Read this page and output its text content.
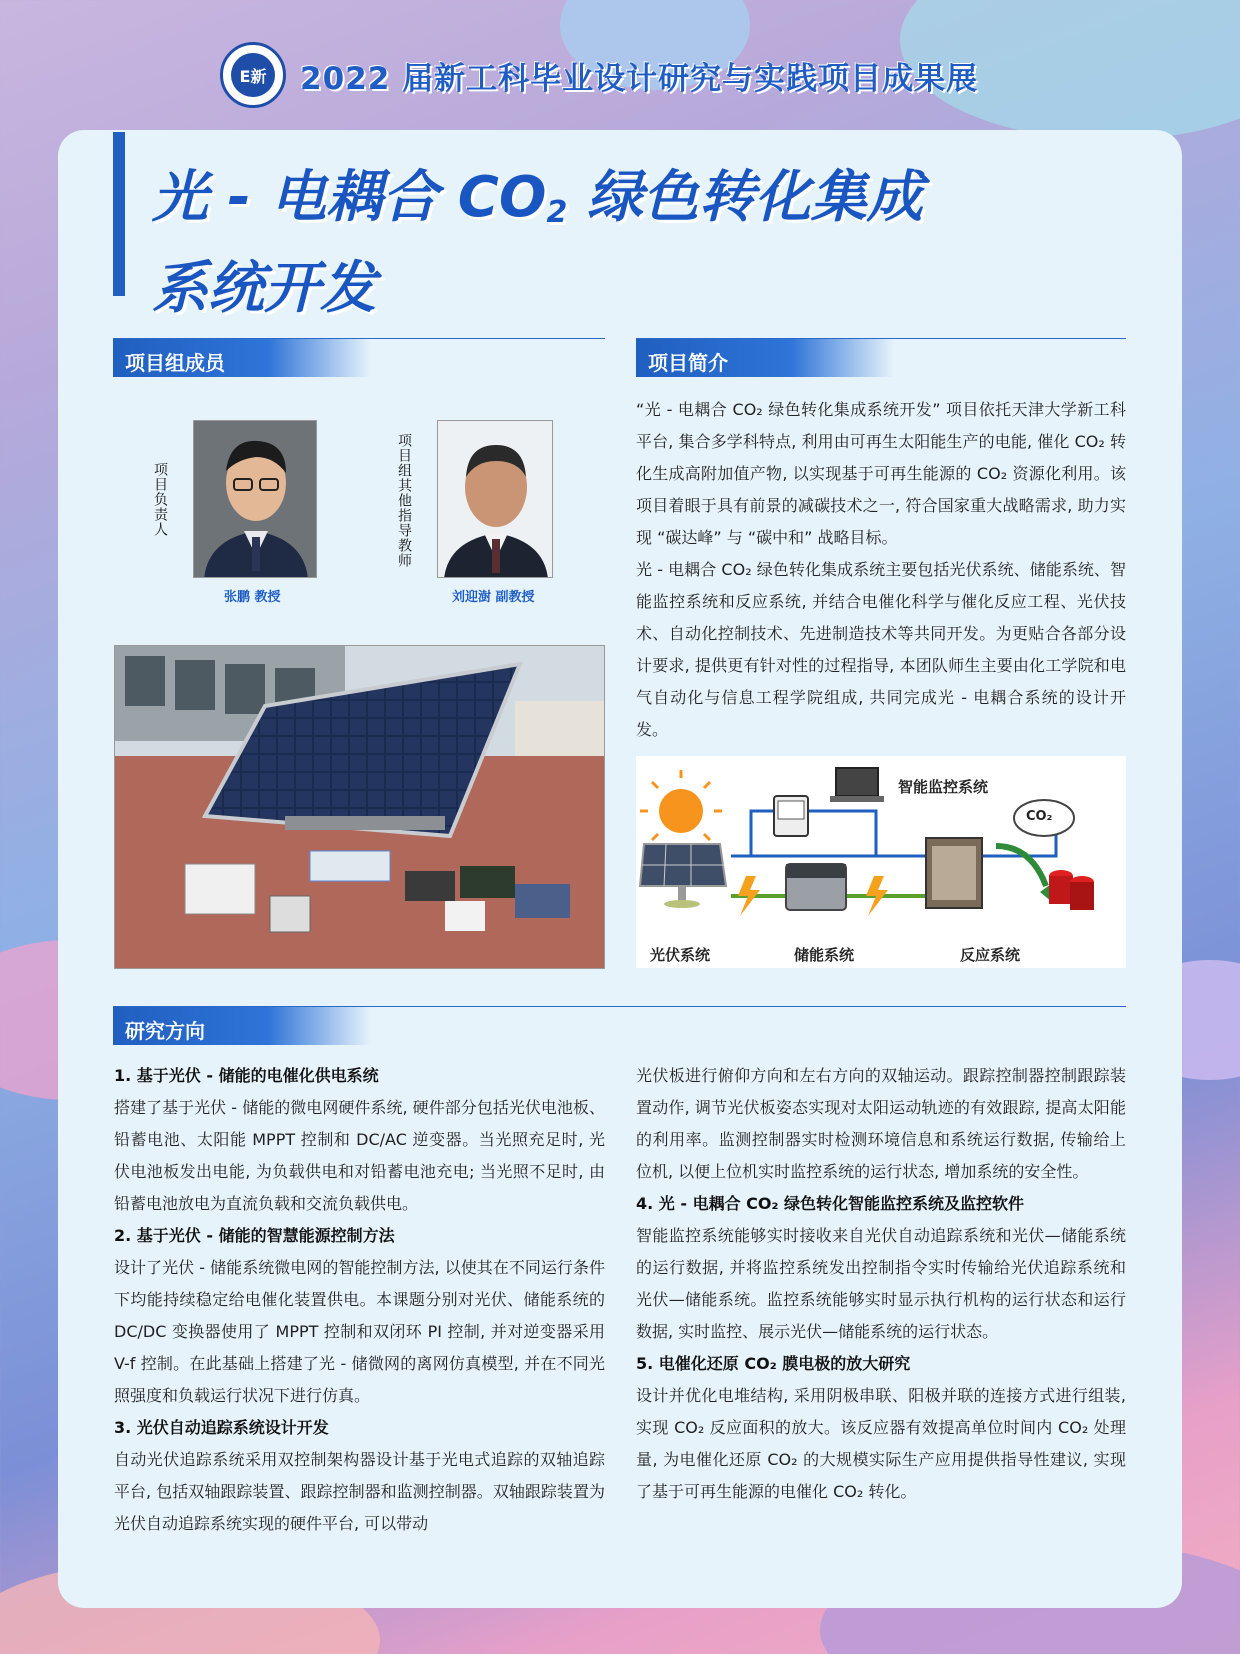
E新 2022 届新工科毕业设计研究与实践项目成果展
光 - 电耦合 $CO_2$ 绿色转化集成
系统开发
项目组成员
项目负责人
张鹏 教授
项目组其他指导教师
刘迎澍 副教授
项目简介

“光 - 电耦合 CO₂ 绿色转化集成系统开发” 项目依托天津大学新工科平台, 集合多学科特点, 利用由可再生太阳能生产的电能, 催化 CO₂ 转化生成高附加值产物, 以实现基于可再生能源的 CO₂ 资源化利用。该项目着眼于具有前景的减碳技术之一, 符合国家重大战略需求, 助力实现 “碳达峰” 与 “碳中和” 战略目标。

光 - 电耦合 CO₂ 绿色转化集成系统主要包括光伏系统、储能系统、智能监控系统和反应系统, 并结合电催化科学与催化反应工程、光伏技术、自动化控制技术、先进制造技术等共同开发。为更贴合各部分设计要求, 提供更有针对性的过程指导, 本团队师生主要由化工学院和电气自动化与信息工程学院组成, 共同完成光 - 电耦合系统的设计开发。

智能监控系统
CO₂
光伏系统	储能系统	反应系统
研究方向

1. 基于光伏 - 储能的电催化供电系统

搭建了基于光伏 - 储能的微电网硬件系统, 硬件部分包括光伏电池板、铅蓄电池、太阳能 MPPT 控制和 DC/AC 逆变器。当光照充足时, 光伏电池板发出电能, 为负载供电和对铅蓄电池充电; 当光照不足时, 由铅蓄电池放电为直流负载和交流负载供电。

2. 基于光伏 - 储能的智慧能源控制方法

设计了光伏 - 储能系统微电网的智能控制方法, 以使其在不同运行条件下均能持续稳定给电催化装置供电。本课题分别对光伏、储能系统的 DC/DC 变换器使用了 MPPT 控制和双闭环 PI 控制, 并对逆变器采用 V-f 控制。在此基础上搭建了光 - 储微网的离网仿真模型, 并在不同光照强度和负载运行状况下进行仿真。

3. 光伏自动追踪系统设计开发

自动光伏追踪系统采用双控制架构器设计基于光电式追踪的双轴追踪平台, 包括双轴跟踪装置、跟踪控制器和监测控制器。双轴跟踪装置为光伏自动追踪系统实现的硬件平台, 可以带动

光伏板进行俯仰方向和左右方向的双轴运动。跟踪控制器控制跟踪装置动作, 调节光伏板姿态实现对太阳运动轨迹的有效跟踪, 提高太阳能的利用率。监测控制器实时检测环境信息和系统运行数据, 传输给上位机, 以便上位机实时监控系统的运行状态, 增加系统的安全性。

4. 光 - 电耦合 CO₂ 绿色转化智能监控系统及监控软件

智能监控系统能够实时接收来自光伏自动追踪系统和光伏—储能系统的运行数据, 并将监控系统发出控制指令实时传输给光伏追踪系统和光伏—储能系统。监控系统能够实时显示执行机构的运行状态和运行数据, 实时监控、展示光伏—储能系统的运行状态。

5. 电催化还原 CO₂ 膜电极的放大研究

设计并优化电堆结构, 采用阴极串联、阳极并联的连接方式进行组装, 实现 CO₂ 反应面积的放大。该反应器有效提高单位时间内 CO₂ 处理量, 为电催化还原 CO₂ 的大规模实际生产应用提供指导性建议, 实现了基于可再生能源的电催化 CO₂ 转化。
